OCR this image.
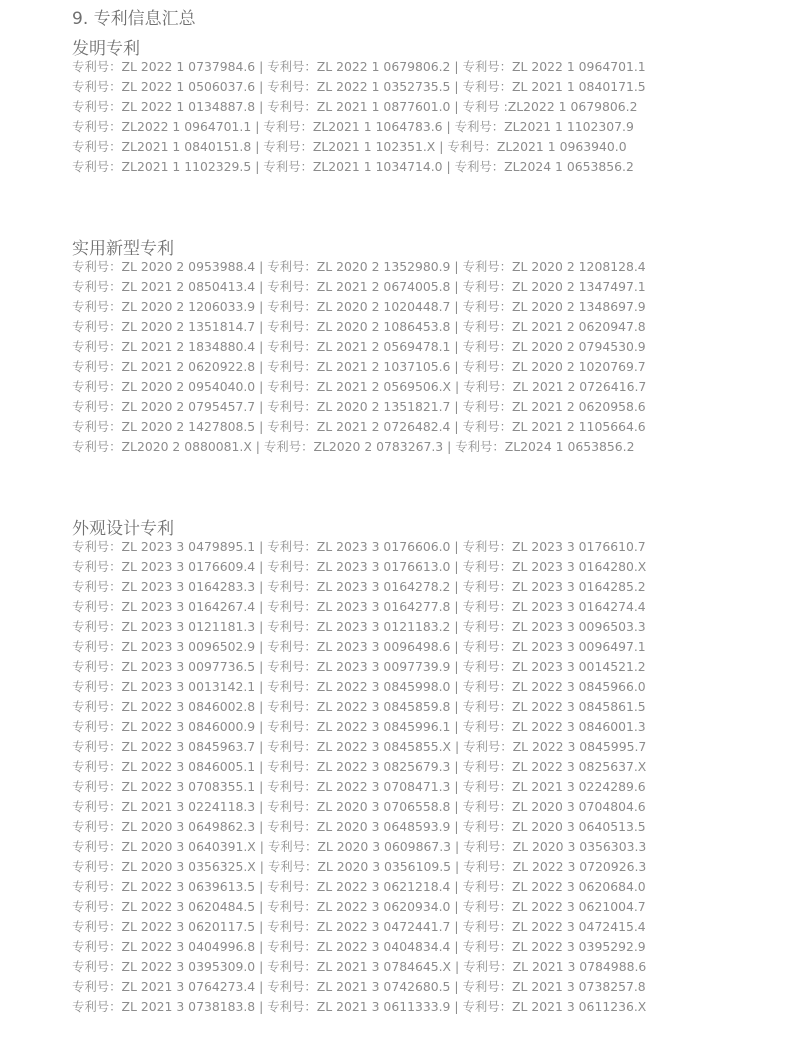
9. 专利信息汇总
发明专利
专利号：ZL 2022 1 0737984.6 | 专利号：ZL 2022 1 0679806.2 | 专利号：ZL 2022 1 0964701.1
专利号：ZL 2022 1 0506037.6 | 专利号：ZL 2022 1 0352735.5 | 专利号：ZL 2021 1 0840171.5
专利号：ZL 2022 1 0134887.8 | 专利号：ZL 2021 1 0877601.0 | 专利号 :ZL2022 1 0679806.2
专利号：ZL2022 1 0964701.1 | 专利号：ZL2021 1 1064783.6 | 专利号：ZL2021 1 1102307.9
专利号：ZL2021 1 0840151.8 | 专利号：ZL2021 1 102351.X | 专利号：ZL2021 1 0963940.0
专利号：ZL2021 1 1102329.5 | 专利号：ZL2021 1 1034714.0 | 专利号：ZL2024 1 0653856.2
实用新型专利
专利号：ZL 2020 2 0953988.4 | 专利号：ZL 2020 2 1352980.9 | 专利号：ZL 2020 2 1208128.4
专利号：ZL 2021 2 0850413.4 | 专利号：ZL 2021 2 0674005.8 | 专利号：ZL 2020 2 1347497.1
专利号：ZL 2020 2 1206033.9 | 专利号：ZL 2020 2 1020448.7 | 专利号：ZL 2020 2 1348697.9
专利号：ZL 2020 2 1351814.7 | 专利号：ZL 2020 2 1086453.8 | 专利号：ZL 2021 2 0620947.8
专利号：ZL 2021 2 1834880.4 | 专利号：ZL 2021 2 0569478.1 | 专利号：ZL 2020 2 0794530.9
专利号：ZL 2021 2 0620922.8 | 专利号：ZL 2021 2 1037105.6 | 专利号：ZL 2020 2 1020769.7
专利号：ZL 2020 2 0954040.0 | 专利号：ZL 2021 2 0569506.X | 专利号：ZL 2021 2 0726416.7
专利号：ZL 2020 2 0795457.7 | 专利号：ZL 2020 2 1351821.7 | 专利号：ZL 2021 2 0620958.6
专利号：ZL 2020 2 1427808.5 | 专利号：ZL 2021 2 0726482.4 | 专利号：ZL 2021 2 1105664.6
专利号：ZL2020 2 0880081.X | 专利号：ZL2020 2 0783267.3 | 专利号：ZL2024 1 0653856.2
外观设计专利
专利号：ZL 2023 3 0479895.1 | 专利号：ZL 2023 3 0176606.0 | 专利号：ZL 2023 3 0176610.7
专利号：ZL 2023 3 0176609.4 | 专利号：ZL 2023 3 0176613.0 | 专利号：ZL 2023 3 0164280.X
专利号：ZL 2023 3 0164283.3 | 专利号：ZL 2023 3 0164278.2 | 专利号：ZL 2023 3 0164285.2
专利号：ZL 2023 3 0164267.4 | 专利号：ZL 2023 3 0164277.8 | 专利号：ZL 2023 3 0164274.4
专利号：ZL 2023 3 0121181.3 | 专利号：ZL 2023 3 0121183.2 | 专利号：ZL 2023 3 0096503.3
专利号：ZL 2023 3 0096502.9 | 专利号：ZL 2023 3 0096498.6 | 专利号：ZL 2023 3 0096497.1
专利号：ZL 2023 3 0097736.5 | 专利号：ZL 2023 3 0097739.9 | 专利号：ZL 2023 3 0014521.2
专利号：ZL 2023 3 0013142.1 | 专利号：ZL 2022 3 0845998.0 | 专利号：ZL 2022 3 0845966.0
专利号：ZL 2022 3 0846002.8 | 专利号：ZL 2022 3 0845859.8 | 专利号：ZL 2022 3 0845861.5
专利号：ZL 2022 3 0846000.9 | 专利号：ZL 2022 3 0845996.1 | 专利号：ZL 2022 3 0846001.3
专利号：ZL 2022 3 0845963.7 | 专利号：ZL 2022 3 0845855.X | 专利号：ZL 2022 3 0845995.7
专利号：ZL 2022 3 0846005.1 | 专利号：ZL 2022 3 0825679.3 | 专利号：ZL 2022 3 0825637.X
专利号：ZL 2022 3 0708355.1 | 专利号：ZL 2022 3 0708471.3 | 专利号：ZL 2021 3 0224289.6
专利号：ZL 2021 3 0224118.3 | 专利号：ZL 2020 3 0706558.8 | 专利号：ZL 2020 3 0704804.6
专利号：ZL 2020 3 0649862.3 | 专利号：ZL 2020 3 0648593.9 | 专利号：ZL 2020 3 0640513.5
专利号：ZL 2020 3 0640391.X | 专利号：ZL 2020 3 0609867.3 | 专利号：ZL 2020 3 0356303.3
专利号：ZL 2020 3 0356325.X | 专利号：ZL 2020 3 0356109.5 | 专利号：ZL 2022 3 0720926.3
专利号：ZL 2022 3 0639613.5 | 专利号：ZL 2022 3 0621218.4 | 专利号：ZL 2022 3 0620684.0
专利号：ZL 2022 3 0620484.5 | 专利号：ZL 2022 3 0620934.0 | 专利号：ZL 2022 3 0621004.7
专利号：ZL 2022 3 0620117.5 | 专利号：ZL 2022 3 0472441.7 | 专利号：ZL 2022 3 0472415.4
专利号：ZL 2022 3 0404996.8 | 专利号：ZL 2022 3 0404834.4 | 专利号：ZL 2022 3 0395292.9
专利号：ZL 2022 3 0395309.0 | 专利号：ZL 2021 3 0784645.X | 专利号：ZL 2021 3 0784988.6
专利号：ZL 2021 3 0764273.4 | 专利号：ZL 2021 3 0742680.5 | 专利号：ZL 2021 3 0738257.8
专利号：ZL 2021 3 0738183.8 | 专利号：ZL 2021 3 0611333.9 | 专利号：ZL 2021 3 0611236.X
